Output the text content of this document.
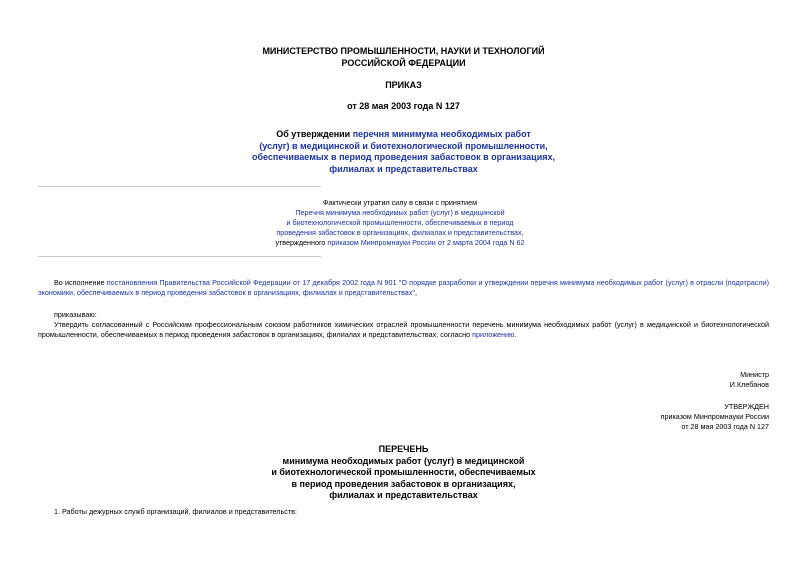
МИНИСТЕРСТВО ПРОМЫШЛЕННОСТИ, НАУКИ И ТЕХНОЛОГИЙ
РОССИЙСКОЙ ФЕДЕРАЦИИ
ПРИКАЗ
от 28 мая 2003 года N 127
Об утверждении перечня минимума необходимых работ
(услуг) в медицинской и биотехнологической промышленности,
обеспечиваемых в период проведения забастовок в организациях,
филиалах и представительствах
Фактически утратил силу в связи с принятием
Перечня минимума необходимых работ (услуг) в медицинской
и биотехнологической промышленности, обеспечиваемых в период
проведения забастовок в организациях, филиалах и представительствах,
утвержденного приказом Минпромнауки России от 2 марта 2004 года N 62
Во исполнение постановления Правительства Российской Федерации от 17 декабря 2002 года N 901 "О порядке разработки и утверждении перечня минимума необходимых работ (услуг) в отрасли (подотрасли) экономики, обеспечиваемых в период проведения забастовок в организациях, филиалах и представительствах",
приказываю:
Утвердить согласованный с Российским профессиональным союзом работников химических отраслей промышленности перечень минимума необходимых работ (услуг) в медицинской и биотехнологической промышленности, обеспечиваемых в период проведения забастовок в организациях, филиалах и представительствах, согласно приложению.
Министр
И.Клебанов
УТВЕРЖДЕН
приказом Минпромнауки России
от 28 мая 2003 года N 127
ПЕРЕЧЕНЬ
минимума необходимых работ (услуг) в медицинской
и биотехнологической промышленности, обеспечиваемых
в период проведения забастовок в организациях,
филиалах и представительствах
1. Работы дежурных служб организаций, филиалов и представительств:
